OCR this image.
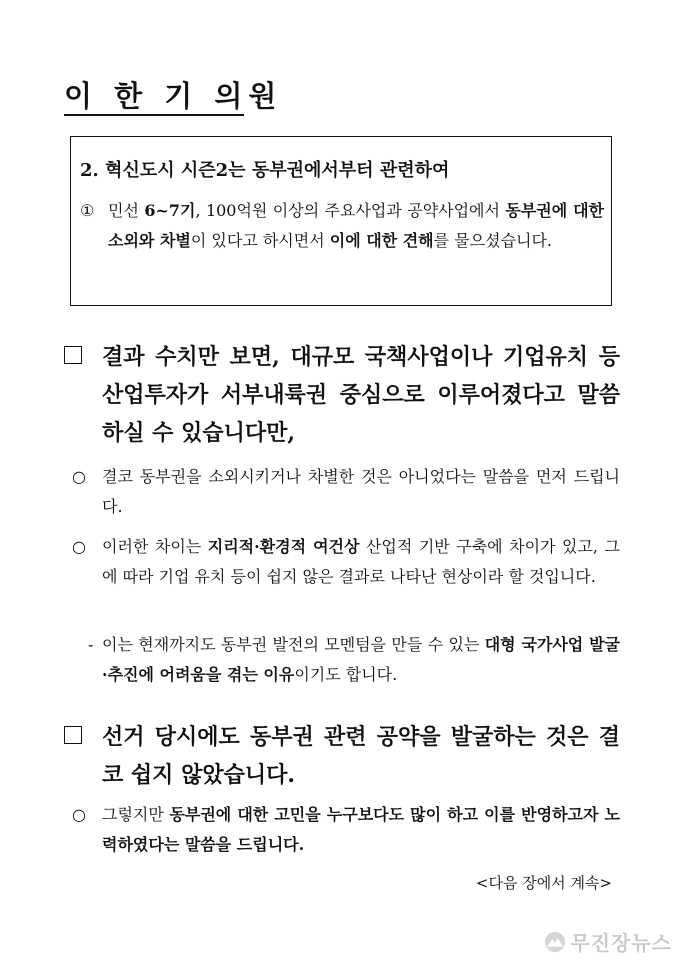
이 한 기 의원
2. 혁신도시 시즌2는 동부권에서부터 관련하여
① 민선 6~7기, 100억원 이상의 주요사업과 공약사업에서 동부권에 대한 소외와 차별이 있다고 하시면서 이에 대한 견해를 물으셨습니다.
결과 수치만 보면, 대규모 국책사업이나 기업유치 등 산업투자가 서부내륙권 중심으로 이루어졌다고 말씀하실 수 있습니다만,
○	결코 동부권을 소외시키거나 차별한 것은 아니었다는 말씀을 먼저 드립니다.
○	이러한 차이는 지리적·환경적 여건상 산업적 기반 구축에 차이가 있고, 그에 따라 기업 유치 등이 쉽지 않은 결과로 나타난 현상이라 할 것입니다.
- 이는 현재까지도 동부권 발전의 모멘텀을 만들 수 있는 대형 국가사업 발굴·추진에 어려움을 겪는 이유이기도 합니다.
선거 당시에도 동부권 관련 공약을 발굴하는 것은 결코 쉽지 않았습니다.
○	그렇지만 동부권에 대한 고민을 누구보다도 많이 하고 이를 반영하고자 노력하였다는 말씀을 드립니다.
<다음 장에서 계속>
무진장뉴스
